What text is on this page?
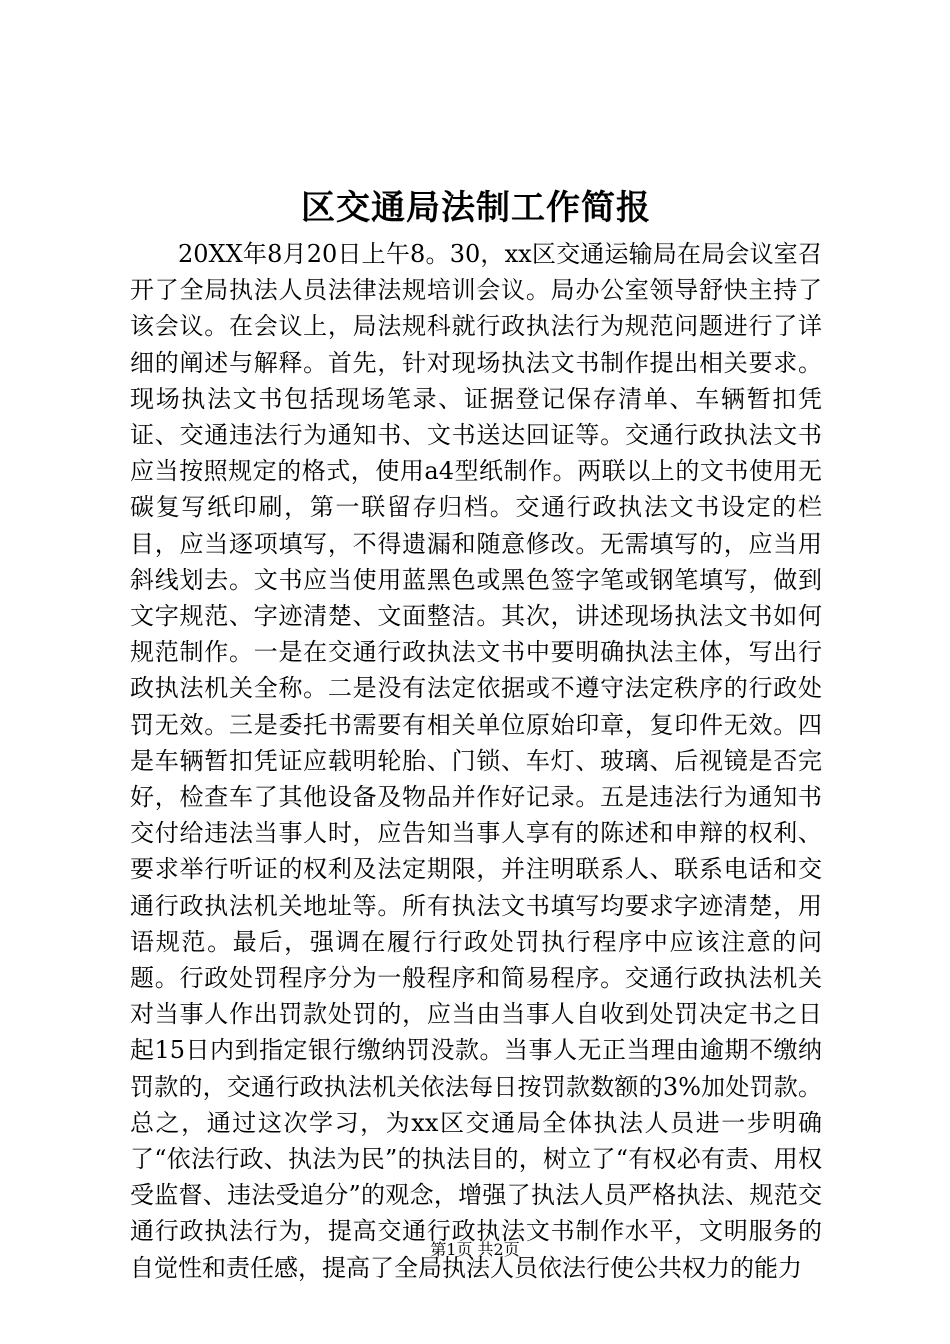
区交通局法制工作简报

20XX年8月20日上午8。30，xx区交通运输局在局会议室召开了全局执法人员法律法规培训会议。局办公室领导舒快主持了该会议。在会议上，局法规科就行政执法行为规范问题进行了详细的阐述与解释。首先，针对现场执法文书制作提出相关要求。现场执法文书包括现场笔录、证据登记保存清单、车辆暂扣凭证、交通违法行为通知书、文书送达回证等。交通行政执法文书应当按照规定的格式，使用a4型纸制作。两联以上的文书使用无碳复写纸印刷，第一联留存归档。交通行政执法文书设定的栏目，应当逐项填写，不得遗漏和随意修改。无需填写的，应当用斜线划去。文书应当使用蓝黑色或黑色签字笔或钢笔填写，做到文字规范、字迹清楚、文面整洁。其次，讲述现场执法文书如何规范制作。一是在交通行政执法文书中要明确执法主体，写出行政执法机关全称。二是没有法定依据或不遵守法定秩序的行政处罚无效。三是委托书需要有相关单位原始印章，复印件无效。四是车辆暂扣凭证应载明轮胎、门锁、车灯、玻璃、后视镜是否完好，检查车了其他设备及物品并作好记录。五是违法行为通知书交付给违法当事人时，应告知当事人享有的陈述和申辩的权利、要求举行听证的权利及法定期限，并注明联系人、联系电话和交通行政执法机关地址等。所有执法文书填写均要求字迹清楚，用语规范。最后，强调在履行行政处罚执行程序中应该注意的问题。行政处罚程序分为一般程序和简易程序。交通行政执法机关对当事人作出罚款处罚的，应当由当事人自收到处罚决定书之日起15日内到指定银行缴纳罚没款。当事人无正当理由逾期不缴纳罚款的，交通行政执法机关依法每日按罚款数额的3%加处罚款。总之，通过这次学习，为xx区交通局全体执法人员进一步明确了“依法行政、执法为民”的执法目的，树立了“有权必有责、用权受监督、违法受追分”的观念，增强了执法人员严格执法、规范交通行政执法行为，提高交通行政执法文书制作水平，文明服务的自觉性和责任感，提高了全局执法人员依法行使公共权力的能力

第1页 共2页
